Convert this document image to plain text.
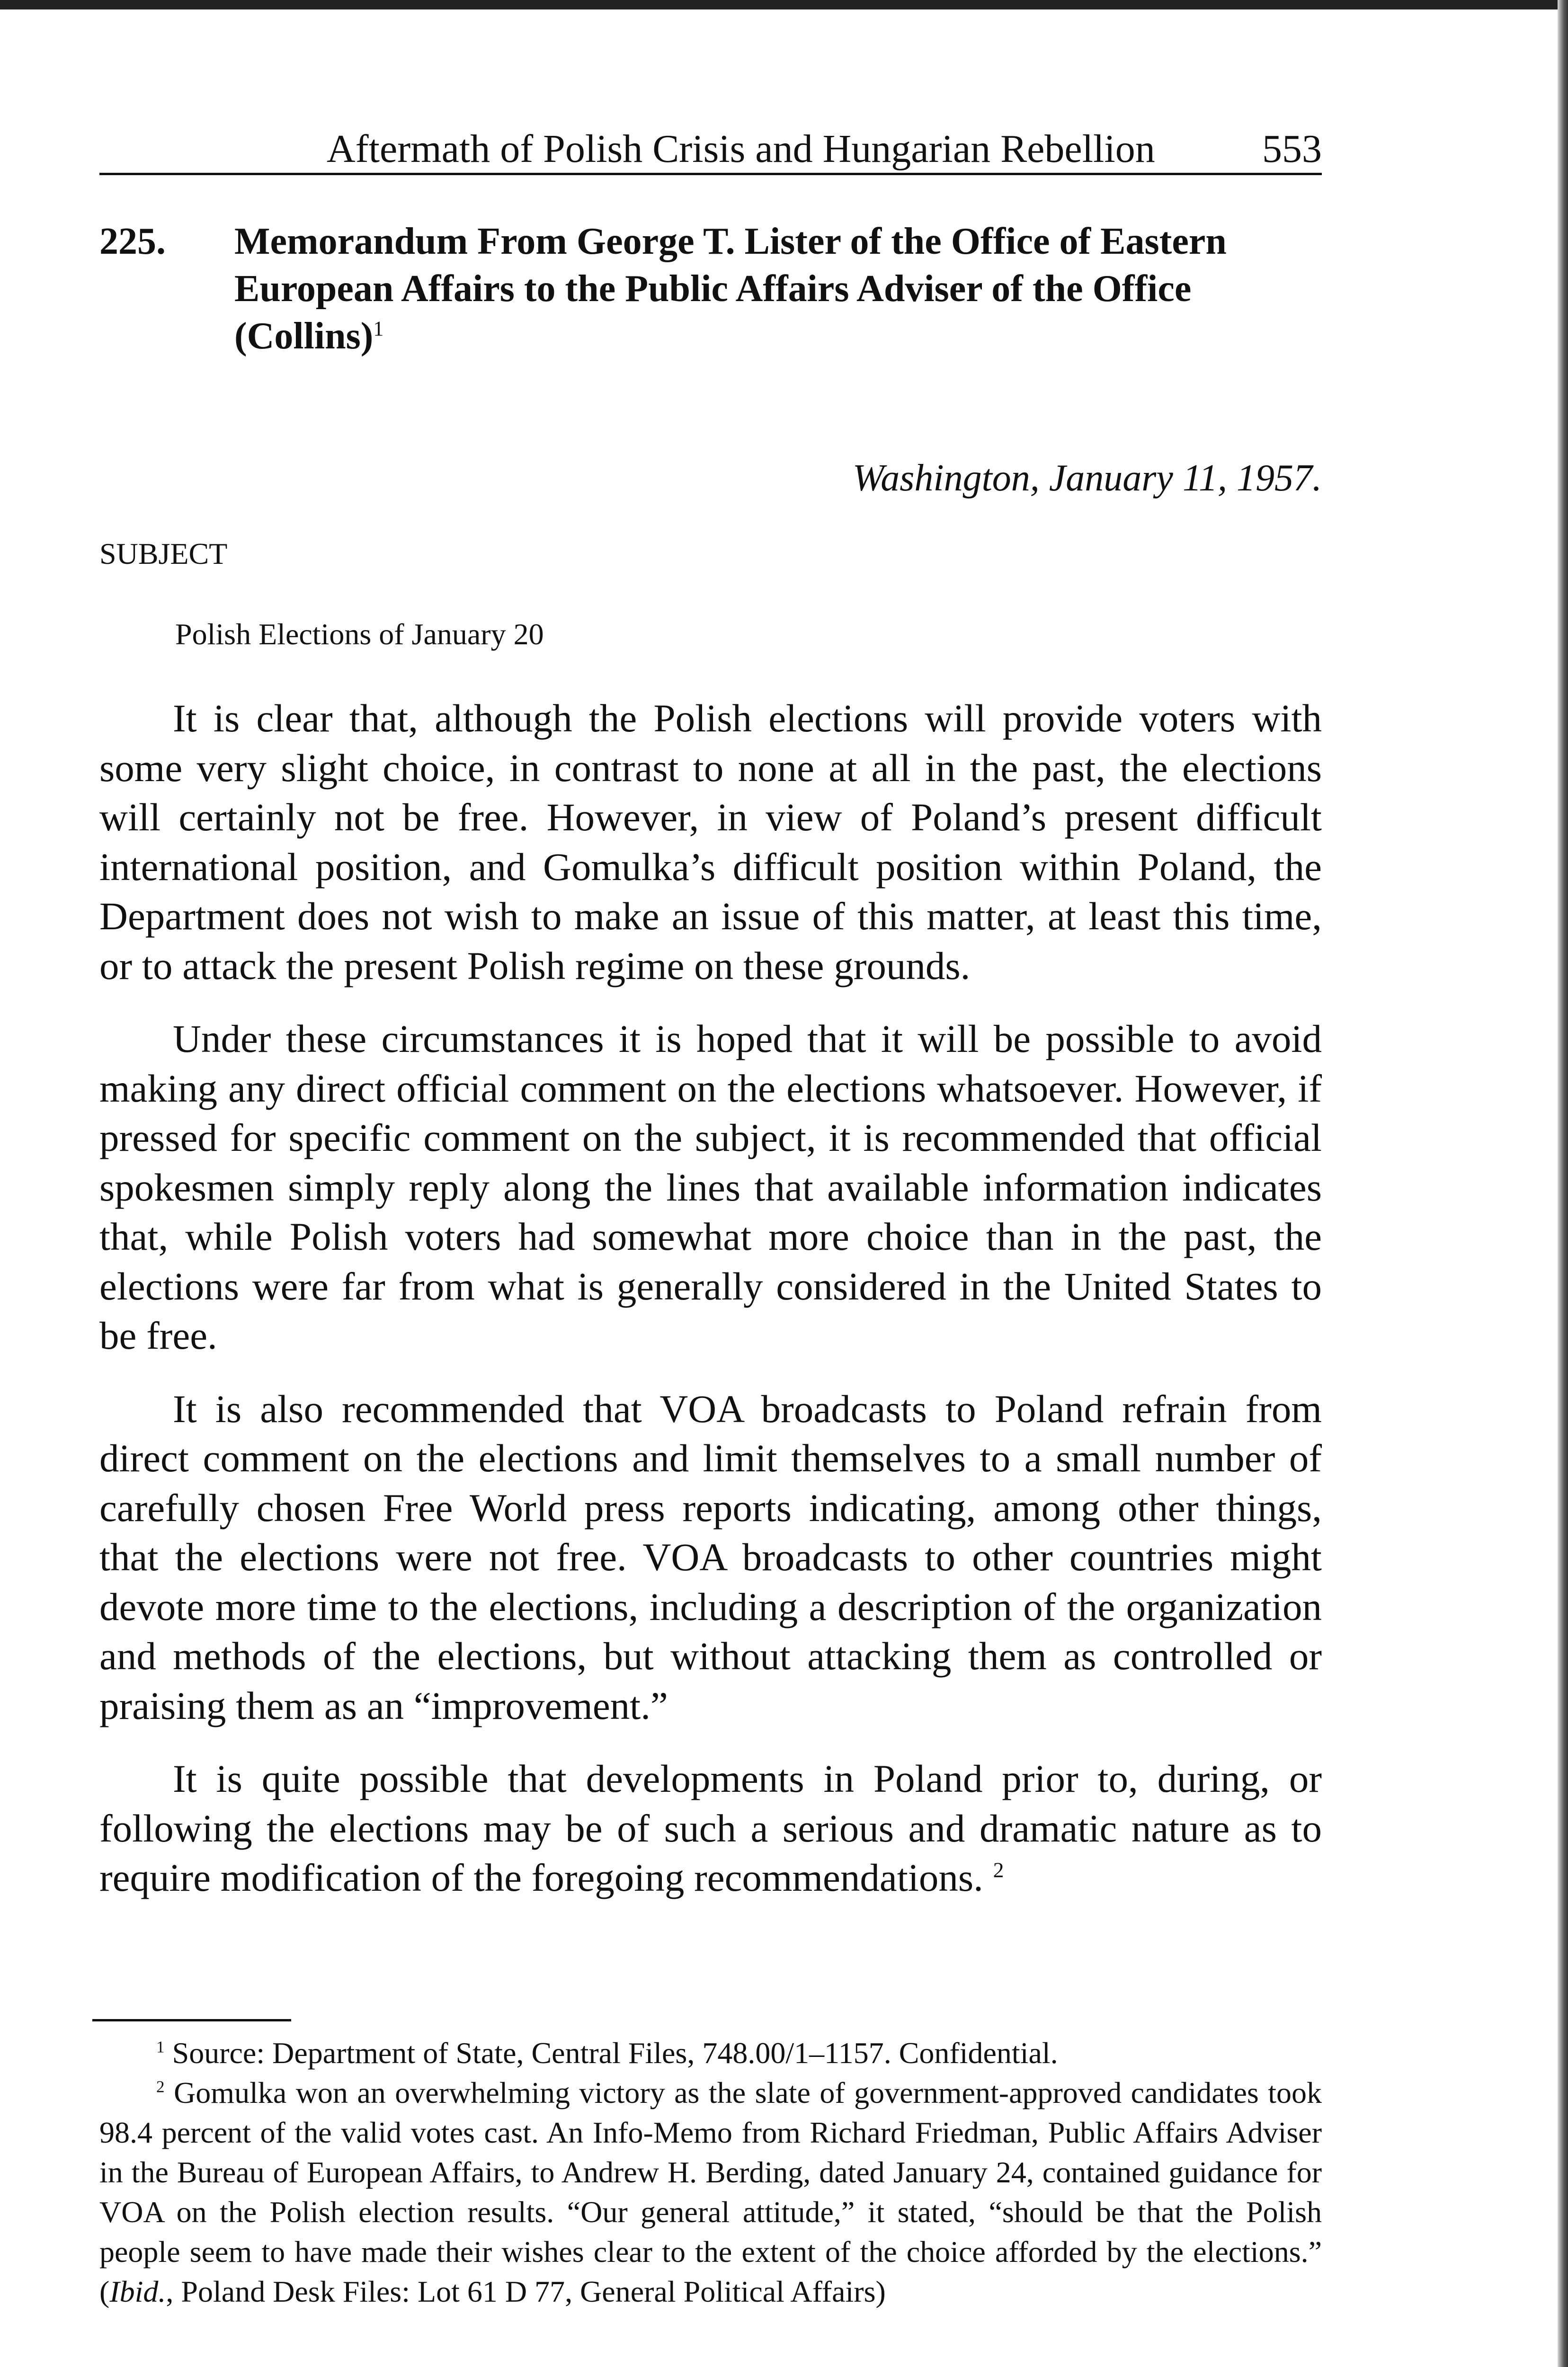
Aftermath of Polish Crisis and Hungarian Rebellion	553
225. Memorandum From George T. Lister of the Office of Eastern European Affairs to the Public Affairs Adviser of the Office (Collins)$^1$
Washington, January 11, 1957.
SUBJECT
Polish Elections of January 20

It is clear that, although the Polish elections will provide voters with some very slight choice, in contrast to none at all in the past, the elections will certainly not be free. However, in view of Poland’s present difficult international position, and Gomulka’s difficult position within Poland, the Department does not wish to make an issue of this matter, at least this time, or to attack the present Polish regime on these grounds.

Under these circumstances it is hoped that it will be possible to avoid making any direct official comment on the elections whatsoever. However, if pressed for specific comment on the subject, it is recommended that official spokesmen simply reply along the lines that available information indicates that, while Polish voters had somewhat more choice than in the past, the elections were far from what is generally considered in the United States to be free.

It is also recommended that VOA broadcasts to Poland refrain from direct comment on the elections and limit themselves to a small number of carefully chosen Free World press reports indicating, among other things, that the elections were not free. VOA broadcasts to other countries might devote more time to the elections, including a description of the organization and methods of the elections, but without attacking them as controlled or praising them as an “improvement.”

It is quite possible that developments in Poland prior to, during, or following the elections may be of such a serious and dramatic nature as to require modification of the foregoing recommendations. $^2$

$^1$ Source: Department of State, Central Files, 748.00/1–1157. Confidential.

$^2$ Gomulka won an overwhelming victory as the slate of government-approved candidates took 98.4 percent of the valid votes cast. An Info-Memo from Richard Friedman, Public Affairs Adviser in the Bureau of European Affairs, to Andrew H. Berding, dated January 24, contained guidance for VOA on the Polish election results. “Our general attitude,” it stated, “should be that the Polish people seem to have made their wishes clear to the extent of the choice afforded by the elections.” (Ibid., Poland Desk Files: Lot 61 D 77, General Political Affairs)
